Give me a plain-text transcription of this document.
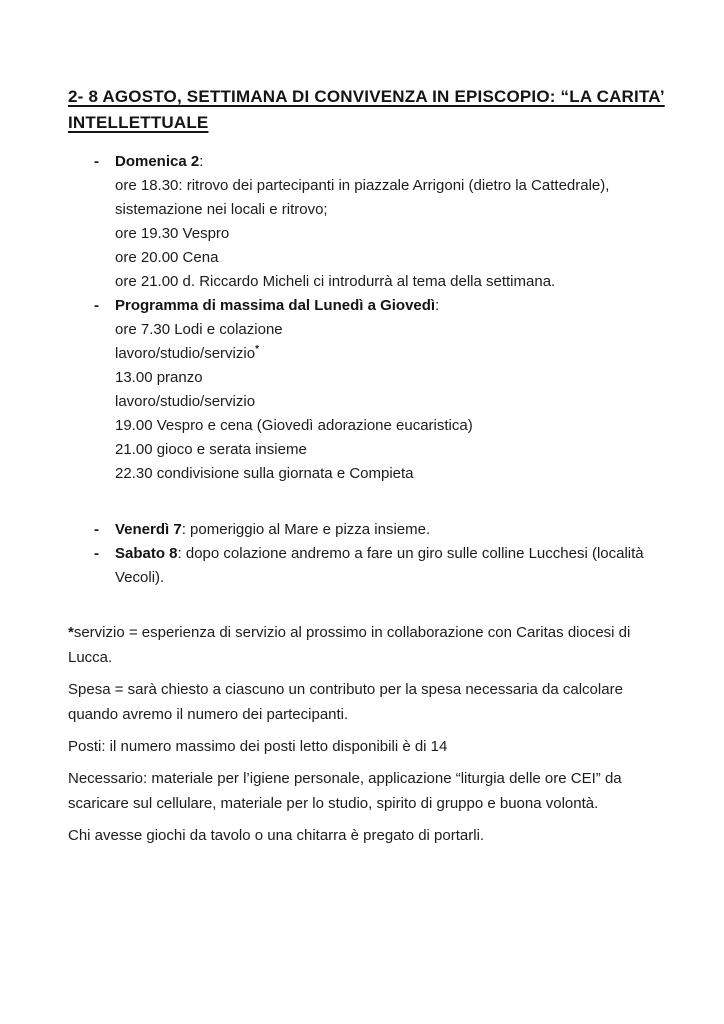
2- 8 AGOSTO, SETTIMANA DI CONVIVENZA IN EPISCOPIO: “LA CARITA’
INTELLETTUALE
-	Domenica 2:
ore 18.30: ritrovo dei partecipanti in piazzale Arrigoni (dietro la Cattedrale), sistemazione nei locali e ritrovo;
ore 19.30 Vespro
ore 20.00 Cena
ore 21.00 d. Riccardo Micheli ci introdurrà al tema della settimana.
-	Programma di massima dal Lunedì a Giovedì:
ore 7.30 Lodi e colazione
lavoro/studio/servizio*
13.00 pranzo
lavoro/studio/servizio
19.00 Vespro e cena (Giovedì adorazione eucaristica)
21.00 gioco e serata insieme
22.30 condivisione sulla giornata e Compieta
-	Venerdì 7: pomeriggio al Mare e pizza insieme.
-	Sabato 8: dopo colazione andremo a fare un giro sulle colline Lucchesi (località Vecoli).

*servizio = esperienza di servizio al prossimo in collaborazione con Caritas diocesi di Lucca.

Spesa = sarà chiesto a ciascuno un contributo per la spesa necessaria da calcolare quando avremo il numero dei partecipanti.

Posti: il numero massimo dei posti letto disponibili è di 14

Necessario: materiale per l’igiene personale, applicazione “liturgia delle ore CEI” da scaricare sul cellulare, materiale per lo studio, spirito di gruppo e buona volontà.

Chi avesse giochi da tavolo o una chitarra è pregato di portarli.
